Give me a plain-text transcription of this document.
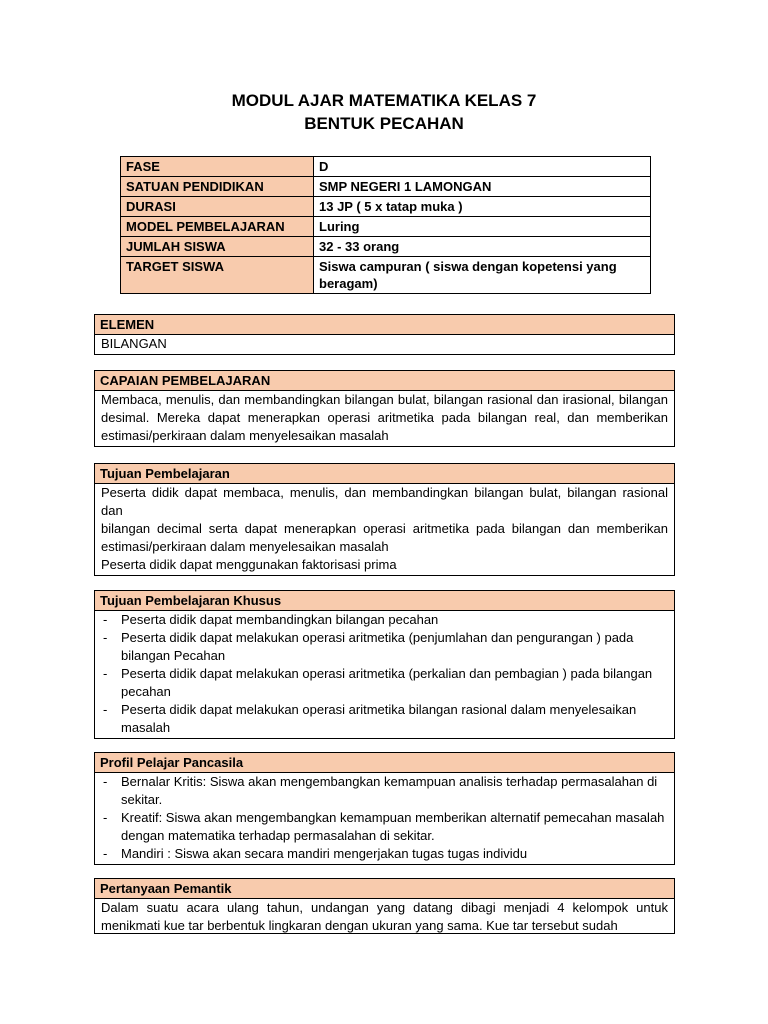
MODUL AJAR MATEMATIKA KELAS 7
BENTUK PECAHAN
FASE	D
SATUAN PENDIDIKAN	SMP NEGERI 1 LAMONGAN
DURASI	13 JP ( 5 x tatap muka )
MODEL PEMBELAJARAN	Luring
JUMLAH SISWA	32 - 33 orang
TARGET SISWA	Siswa campuran ( siswa dengan kopetensi yang beragam)
ELEMEN
BILANGAN
CAPAIAN PEMBELAJARAN
Membaca, menulis, dan membandingkan bilangan bulat, bilangan rasional dan irasional, bilangan desimal. Mereka dapat menerapkan operasi aritmetika pada bilangan real, dan memberikan estimasi/perkiraan dalam menyelesaikan masalah
Tujuan Pembelajaran

Peserta didik dapat membaca, menulis, dan membandingkan bilangan bulat, bilangan rasional dan

bilangan decimal serta dapat menerapkan operasi aritmetika pada bilangan dan memberikan estimasi/perkiraan dalam menyelesaikan masalah

Peserta didik dapat menggunakan faktorisasi prima

Tujuan Pembelajaran Khusus
- Peserta didik dapat membandingkan bilangan pecahan
- Peserta didik dapat melakukan operasi aritmetika (penjumlahan dan pengurangan ) pada bilangan Pecahan
- Peserta didik dapat melakukan operasi aritmetika (perkalian dan pembagian ) pada bilangan pecahan
- Peserta didik dapat melakukan operasi aritmetika bilangan rasional dalam menyelesaikan masalah
Profil Pelajar Pancasila
- Bernalar Kritis: Siswa akan mengembangkan kemampuan analisis terhadap permasalahan di sekitar.
- Kreatif: Siswa akan mengembangkan kemampuan memberikan alternatif pemecahan masalah dengan matematika terhadap permasalahan di sekitar.
- Mandiri : Siswa akan secara mandiri mengerjakan tugas tugas individu
Pertanyaan Pemantik
Dalam suatu acara ulang tahun, undangan yang datang dibagi menjadi 4 kelompok untuk menikmati kue tar berbentuk lingkaran dengan ukuran yang sama. Kue tar tersebut sudah
